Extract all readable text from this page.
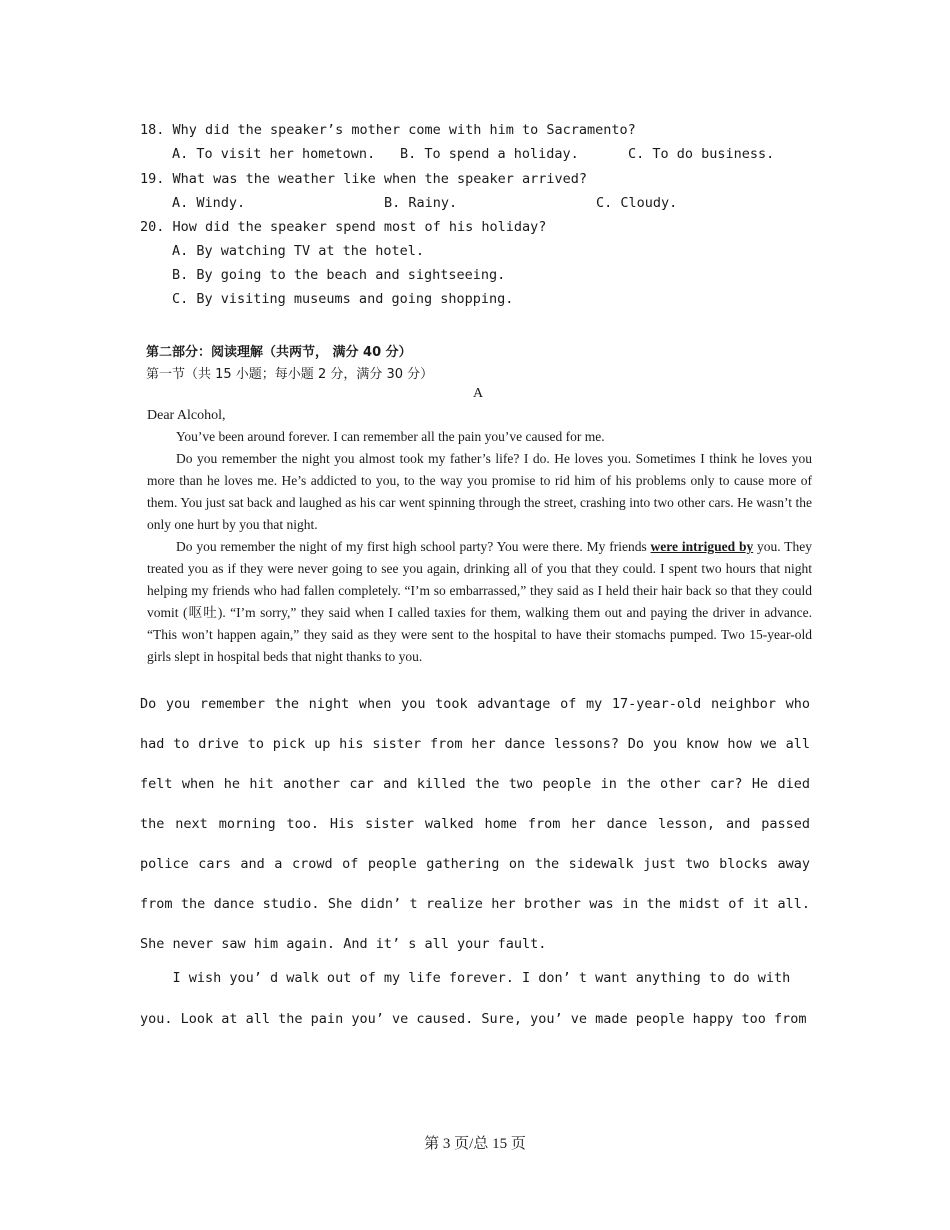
18. Why did the speaker’s mother come with him to Sacramento?
A. To visit her hometown. B. To spend a holiday.	C. To do business.
19. What was the weather like when the speaker arrived?
A. Windy.	B. Rainy.	C. Cloudy.
20. How did the speaker spend most of his holiday?
A. By watching TV at the hotel.
B. By going to the beach and sightseeing.
C. By visiting museums and going shopping.
第二部分：阅读理解（共两节， 满分 40 分）
第一节（共 15 小题；每小题 2 分，满分 30 分）
A
Dear Alcohol,

You’ve been around forever. I can remember all the pain you’ve caused for me.

Do you remember the night you almost took my father’s life? I do. He loves you. Sometimes I think he loves you more than he loves me. He’s addicted to you, to the way you promise to rid him of his problems only to cause more of them. You just sat back and laughed as his car went spinning through the street, crashing into two other cars. He wasn’t the only one hurt by you that night.

Do you remember the night of my first high school party? You were there. My friends were intrigued by you. They treated you as if they were never going to see you again, drinking all of you that they could. I spent two hours that night helping my friends who had fallen completely. “I’m so embarrassed,” they said as I held their hair back so that they could vomit (呕吐). “I’m sorry,” they said when I called taxies for them, walking them out and paying the driver in advance. “This won’t happen again,” they said as they were sent to the hospital to have their stomachs pumped. Two 15-year-old girls slept in hospital beds that night thanks to you.

Do you remember the night when you took advantage of my 17-year-old neighbor who had to drive to pick up his sister from her dance lessons? Do you know how we all felt when he hit another car and killed the two people in the other car? He died the next morning too. His sister walked home from her dance lesson, and passed police cars and a crowd of people gathering on the sidewalk just two blocks away from the dance studio. She didn’ t realize her brother was in the midst of it all. She never saw him again. And it’ s all your fault.

I wish you’ d walk out of my life forever. I don’ t want anything to do with
you. Look at all the pain you’ ve caused. Sure, you’ ve made people happy too from
第 3 页/总 15 页
